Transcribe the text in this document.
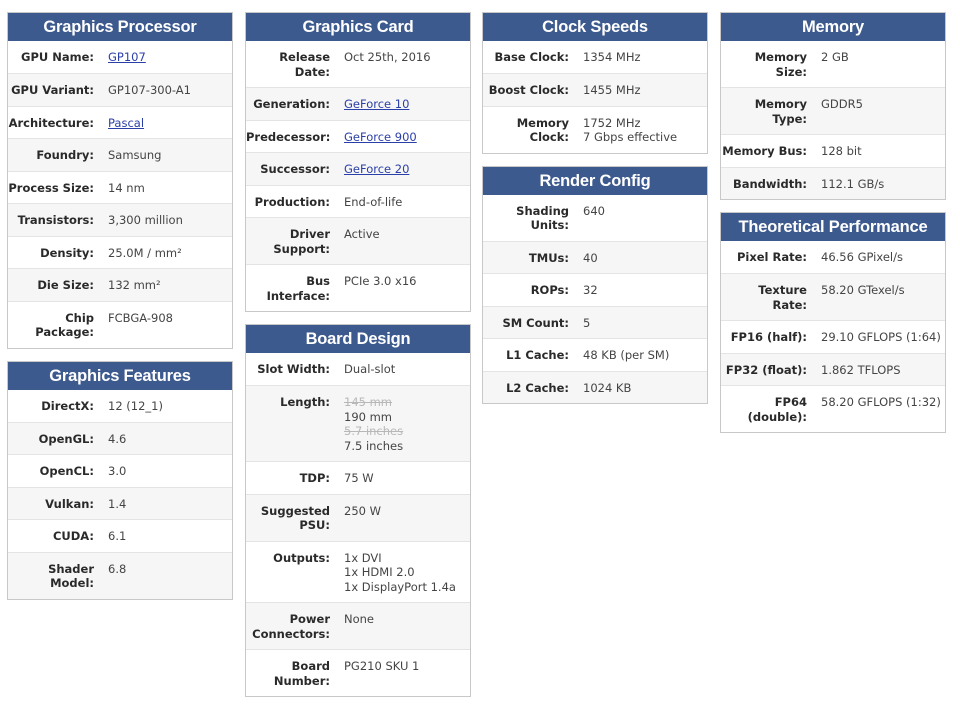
Graphics Processor
GPU Name:	GP107
GPU Variant:	GP107-300-A1
Architecture:	Pascal
Foundry:	Samsung
Process Size:	14 nm
Transistors:	3,300 million
Density:	25.0M / mm²
Die Size:	132 mm²
Chip Package:
FCBGA-908
Graphics Features
DirectX:	12 (12_1)
OpenGL:	4.6
OpenCL:	3.0
Vulkan:	1.4
CUDA:	6.1
Shader Model:
6.8
Graphics Card
Release Date:
Oct 25th, 2016
Generation:	GeForce 10
Predecessor:	GeForce 900
Successor:	GeForce 20
Production:	End-of-life
Driver Support:
Active
Bus Interface:
PCIe 3.0 x16
Board Design
Slot Width:	Dual-slot
Length:	145 mm
190 mm
5.7 inches
7.5 inches
TDP:	75 W
Suggested PSU:
250 W
Outputs:	1x DVI
1x HDMI 2.0
1x DisplayPort 1.4a
Power Connectors:
None
Board Number:
PG210 SKU 1
Clock Speeds
Base Clock:	1354 MHz
Boost Clock:	1455 MHz
Memory Clock:
1752 MHz
7 Gbps effective
Render Config
Shading Units:
640
TMUs:	40
ROPs:	32
SM Count:	5
L1 Cache:	48 KB (per SM)
L2 Cache:	1024 KB
Memory
Memory Size:
2 GB
Memory Type:
GDDR5
Memory Bus:	128 bit
Bandwidth:	112.1 GB/s
Theoretical Performance
Pixel Rate:	46.56 GPixel/s
Texture Rate:
58.20 GTexel/s
FP16 (half):	29.10 GFLOPS (1:64)
FP32 (float):	1.862 TFLOPS
FP64 (double):
58.20 GFLOPS (1:32)
